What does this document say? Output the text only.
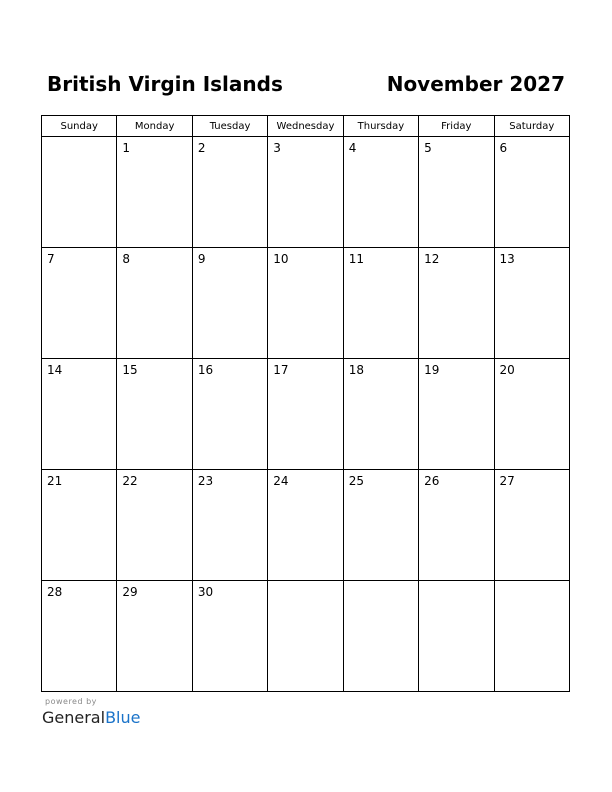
British Virgin Islands	November 2027
Sunday	Monday	Tuesday	Wednesday	Thursday	Friday	Saturday

	1	2	3	4	5	6

7	8	9	10	11	12	13

14	15	16	17	18	19	20

21	22	23	24	25	26	27

28	29	30				

powered by
GeneralBlue
